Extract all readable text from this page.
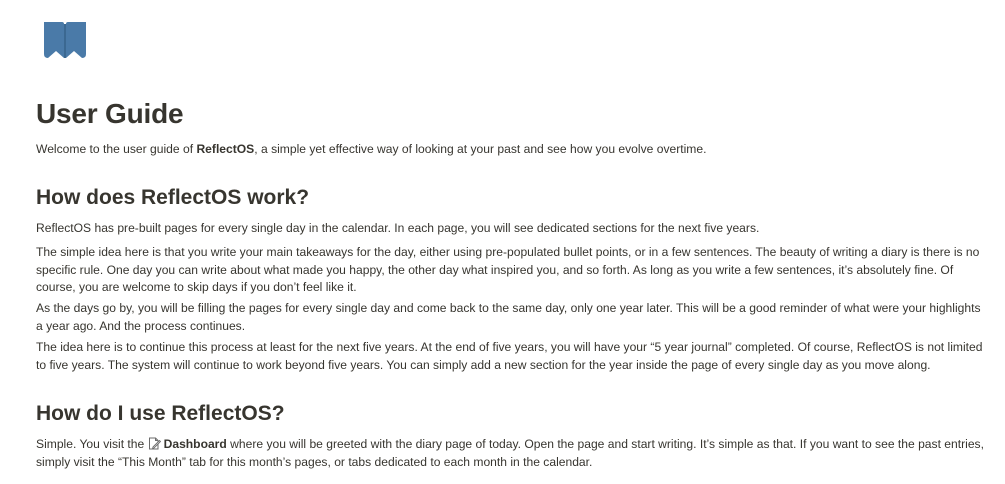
User Guide

Welcome to the user guide of ReflectOS, a simple yet effective way of looking at your past and see how you evolve overtime.

How does ReflectOS work?

ReflectOS has pre-built pages for every single day in the calendar. In each page, you will see dedicated sections for the next five years.

The simple idea here is that you write your main takeaways for the day, either using pre-populated bullet points, or in a few sentences. The beauty of writing a diary is there is no specific rule. One day you can write about what made you happy, the other day what inspired you, and so forth. As long as you write a few sentences, it’s absolutely fine. Of course, you are welcome to skip days if you don’t feel like it.

As the days go by, you will be filling the pages for every single day and come back to the same day, only one year later. This will be a good reminder of what were your highlights a year ago. And the process continues.

The idea here is to continue this process at least for the next five years. At the end of five years, you will have your “5 year journal” completed. Of course, ReflectOS is not limited to five years. The system will continue to work beyond five years. You can simply add a new section for the year inside the page of every single day as you move along.

How do I use ReflectOS?

Simple. You visit the Dashboard where you will be greeted with the diary page of today. Open the page and start writing. It’s simple as that. If you want to see the past entries, simply visit the “This Month” tab for this month’s pages, or tabs dedicated to each month in the calendar.
